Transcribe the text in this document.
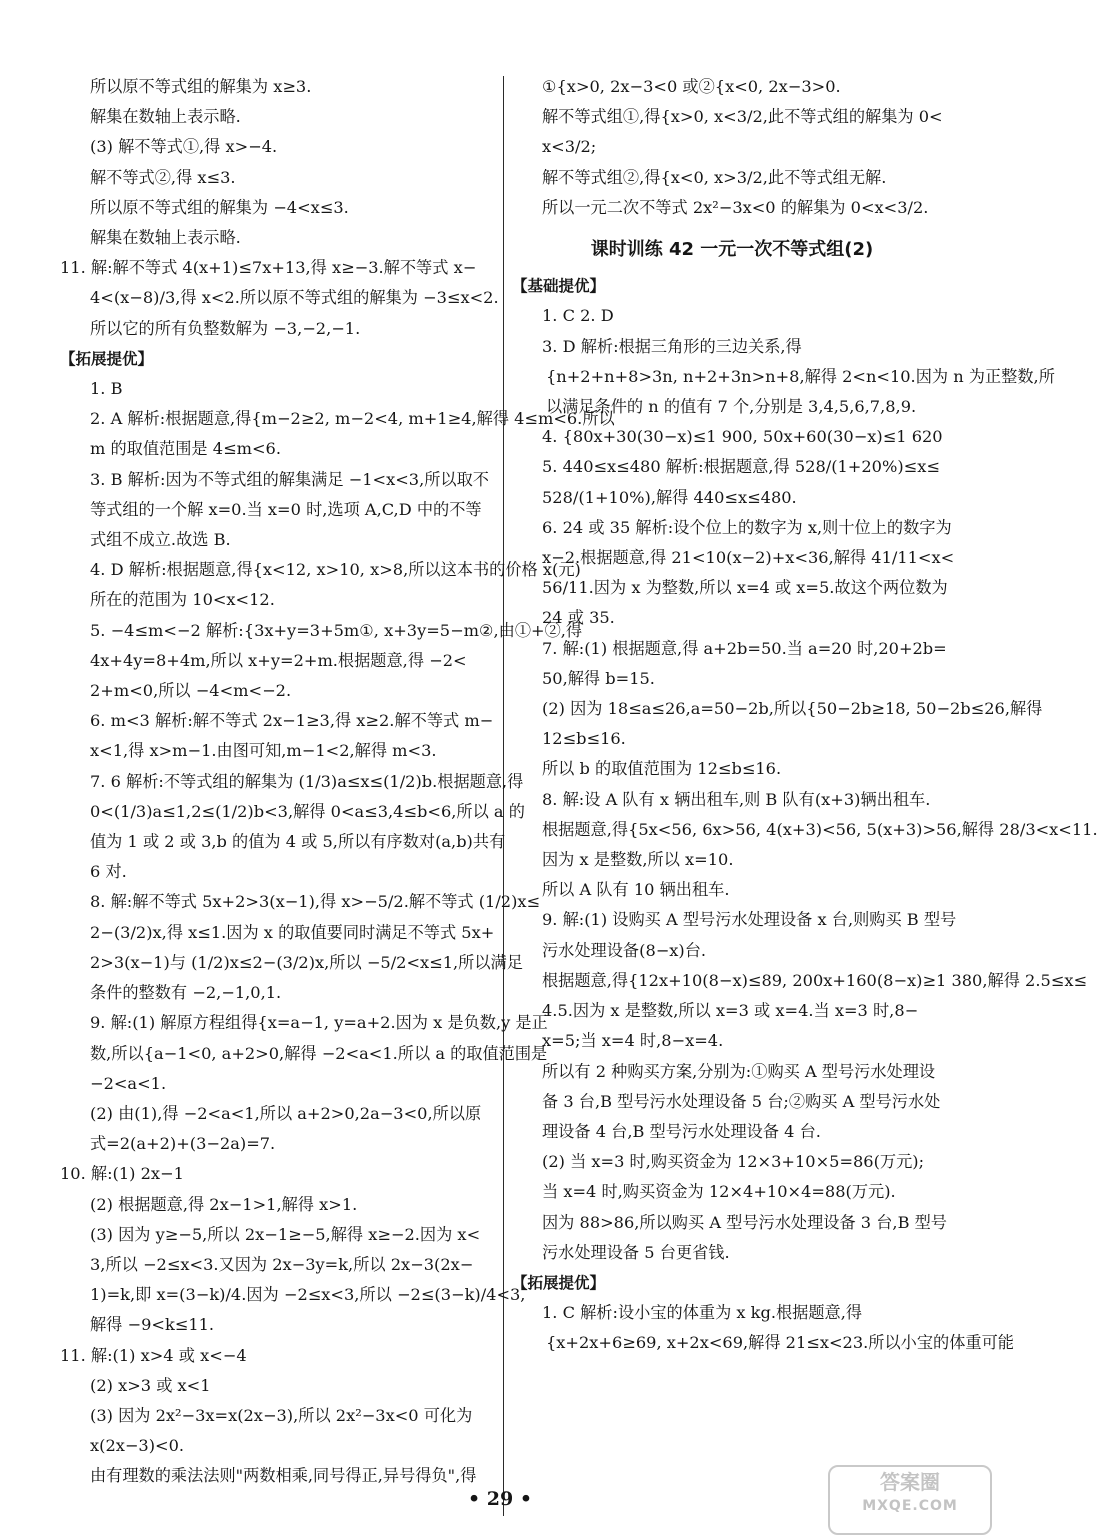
所以原不等式组的解集为 x≥3.
解集在数轴上表示略.
(3) 解不等式①,得 x>−4.
解不等式②,得 x≤3.
所以原不等式组的解集为 −4<x≤3.
解集在数轴上表示略.
11. 解:解不等式 4(x+1)≤7x+13,得 x≥−3.解不等式 x−
4<(x−8)/3,得 x<2.所以原不等式组的解集为 −3≤x<2.
所以它的所有负整数解为 −3,−2,−1.
【拓展提优】
1. B
2. A 解析:根据题意,得{m−2≥2, m−2<4, m+1≥4,解得 4≤m<6.所以
m 的取值范围是 4≤m<6.
3. B 解析:因为不等式组的解集满足 −1<x<3,所以取不
等式组的一个解 x=0.当 x=0 时,选项 A,C,D 中的不等
式组不成立.故选 B.
4. D 解析:根据题意,得{x<12, x>10, x>8,所以这本书的价格 x(元)
所在的范围为 10<x<12.
5. −4≤m<−2 解析:{3x+y=3+5m①, x+3y=5−m②,由①+②,得
4x+4y=8+4m,所以 x+y=2+m.根据题意,得 −2<
2+m<0,所以 −4<m<−2.
6. m<3 解析:解不等式 2x−1≥3,得 x≥2.解不等式 m−
x<1,得 x>m−1.由图可知,m−1<2,解得 m<3.
7. 6 解析:不等式组的解集为 (1/3)a≤x≤(1/2)b.根据题意,得
0<(1/3)a≤1,2≤(1/2)b<3,解得 0<a≤3,4≤b<6,所以 a 的
值为 1 或 2 或 3,b 的值为 4 或 5,所以有序数对(a,b)共有
6 对.
8. 解:解不等式 5x+2>3(x−1),得 x>−5/2.解不等式 (1/2)x≤
2−(3/2)x,得 x≤1.因为 x 的取值要同时满足不等式 5x+
2>3(x−1)与 (1/2)x≤2−(3/2)x,所以 −5/2<x≤1,所以满足
条件的整数有 −2,−1,0,1.
9. 解:(1) 解原方程组得{x=a−1, y=a+2.因为 x 是负数,y 是正
数,所以{a−1<0, a+2>0,解得 −2<a<1.所以 a 的取值范围是
−2<a<1.
(2) 由(1),得 −2<a<1,所以 a+2>0,2a−3<0,所以原
式=2(a+2)+(3−2a)=7.
10. 解:(1) 2x−1
(2) 根据题意,得 2x−1>1,解得 x>1.
(3) 因为 y≥−5,所以 2x−1≥−5,解得 x≥−2.因为 x<
3,所以 −2≤x<3.又因为 2x−3y=k,所以 2x−3(2x−
1)=k,即 x=(3−k)/4.因为 −2≤x<3,所以 −2≤(3−k)/4<3,
解得 −9<k≤11.
11. 解:(1) x>4 或 x<−4
(2) x>3 或 x<1
(3) 因为 2x²−3x=x(2x−3),所以 2x²−3x<0 可化为
x(2x−3)<0.
由有理数的乘法法则"两数相乘,同号得正,异号得负",得
①{x>0, 2x−3<0 或②{x<0, 2x−3>0.
解不等式组①,得{x>0, x<3/2,此不等式组的解集为 0<
x<3/2;
解不等式组②,得{x<0, x>3/2,此不等式组无解.
所以一元二次不等式 2x²−3x<0 的解集为 0<x<3/2.
课时训练 42 一元一次不等式组(2)
【基础提优】
1. C 2. D
3. D 解析:根据三角形的三边关系,得
{n+2+n+8>3n, n+2+3n>n+8,解得 2<n<10.因为 n 为正整数,所
以满足条件的 n 的值有 7 个,分别是 3,4,5,6,7,8,9.
4. {80x+30(30−x)≤1 900, 50x+60(30−x)≤1 620
5. 440≤x≤480 解析:根据题意,得 528/(1+20%)≤x≤
528/(1+10%),解得 440≤x≤480.
6. 24 或 35 解析:设个位上的数字为 x,则十位上的数字为
x−2.根据题意,得 21<10(x−2)+x<36,解得 41/11<x<
56/11.因为 x 为整数,所以 x=4 或 x=5.故这个两位数为
24 或 35.
7. 解:(1) 根据题意,得 a+2b=50.当 a=20 时,20+2b=
50,解得 b=15.
(2) 因为 18≤a≤26,a=50−2b,所以{50−2b≥18, 50−2b≤26,解得
12≤b≤16.
所以 b 的取值范围为 12≤b≤16.
8. 解:设 A 队有 x 辆出租车,则 B 队有(x+3)辆出租车.
根据题意,得{5x<56, 6x>56, 4(x+3)<56, 5(x+3)>56,解得 28/3<x<11.
因为 x 是整数,所以 x=10.
所以 A 队有 10 辆出租车.
9. 解:(1) 设购买 A 型号污水处理设备 x 台,则购买 B 型号
污水处理设备(8−x)台.
根据题意,得{12x+10(8−x)≤89, 200x+160(8−x)≥1 380,解得 2.5≤x≤
4.5.因为 x 是整数,所以 x=3 或 x=4.当 x=3 时,8−
x=5;当 x=4 时,8−x=4.
所以有 2 种购买方案,分别为:①购买 A 型号污水处理设
备 3 台,B 型号污水处理设备 5 台;②购买 A 型号污水处
理设备 4 台,B 型号污水处理设备 4 台.
(2) 当 x=3 时,购买资金为 12×3+10×5=86(万元);
当 x=4 时,购买资金为 12×4+10×4=88(万元).
因为 88>86,所以购买 A 型号污水处理设备 3 台,B 型号
污水处理设备 5 台更省钱.
【拓展提优】
1. C 解析:设小宝的体重为 x kg.根据题意,得
{x+2x+6≥69, x+2x<69,解得 21≤x<23.所以小宝的体重可能
• 29 •
答案圈
MXQE.COM
